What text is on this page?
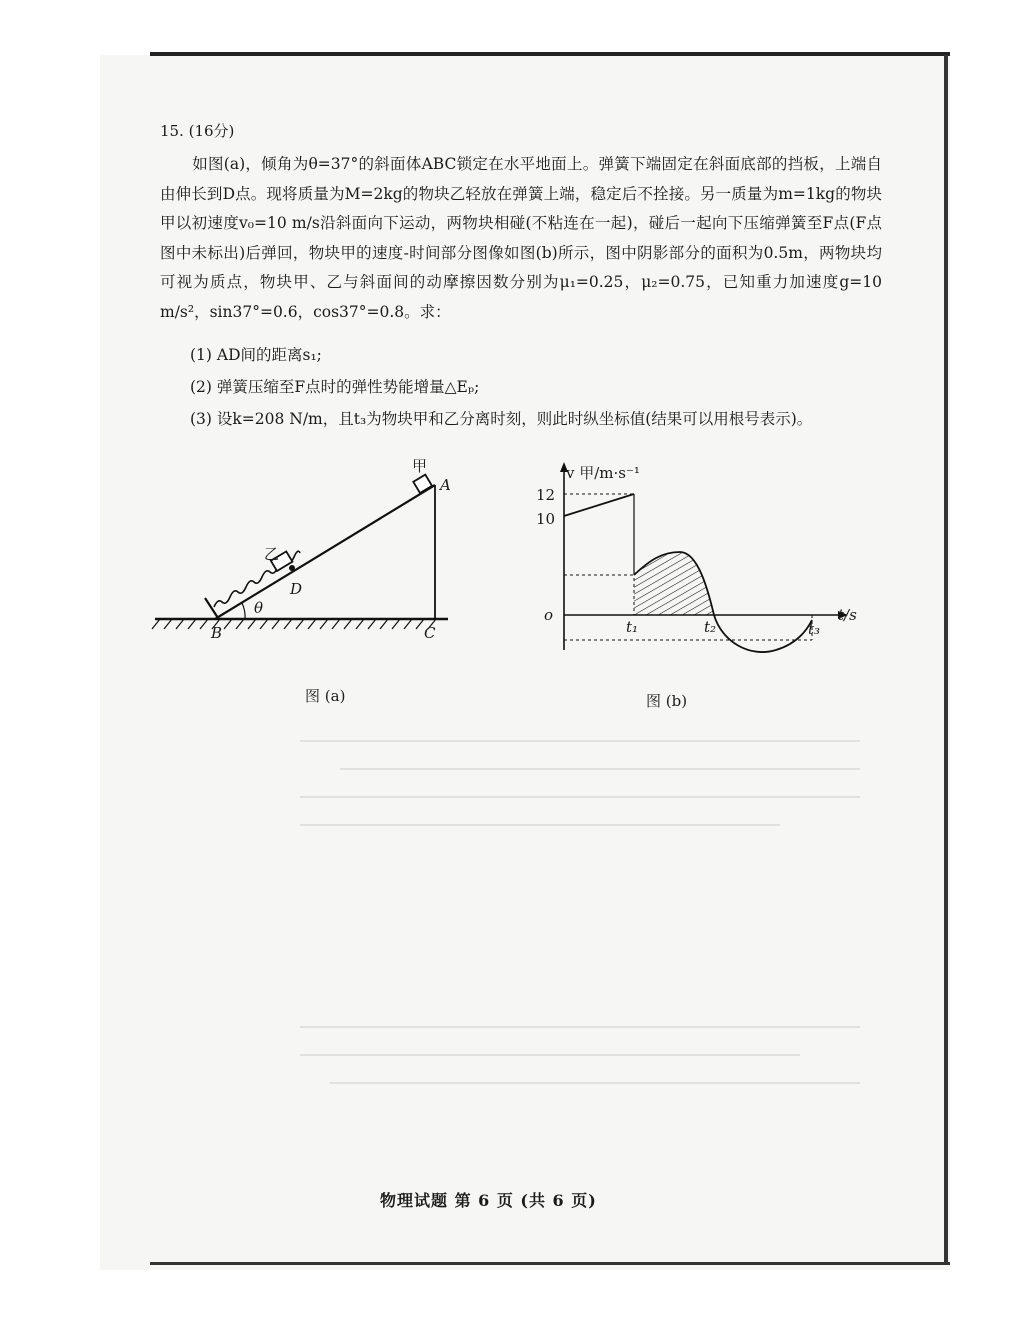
15. (16分)
如图(a)，倾角为θ=37°的斜面体ABC锁定在水平地面上。弹簧下端固定在斜面底部的挡板，上端自由伸长到D点。现将质量为M=2kg的物块乙轻放在弹簧上端，稳定后不拴接。另一质量为m=1kg的物块甲以初速度v₀=10 m/s沿斜面向下运动，两物块相碰(不粘连在一起)，碰后一起向下压缩弹簧至F点(F点图中未标出)后弹回，物块甲的速度-时间部分图像如图(b)所示，图中阴影部分的面积为0.5m，两物块均可视为质点，物块甲、乙与斜面间的动摩擦因数分别为μ₁=0.25，μ₂=0.75，已知重力加速度g=10 m/s²，sin37°=0.6，cos37°=0.8。求：
(1) AD间的距离s₁;
(2) 弹簧压缩至F点时的弹性势能增量△Eₚ;
(3) 设k=208 N/m，且t₃为物块甲和乙分离时刻，则此时纵坐标值(结果可以用根号表示)。
甲
A
乙
D
θ
B	C
图 (a)
v 甲/m·s⁻¹
12
10
o	t/s
t₁	t₂	t₃
图 (b)
物理试题 第 6 页 (共 6 页)
